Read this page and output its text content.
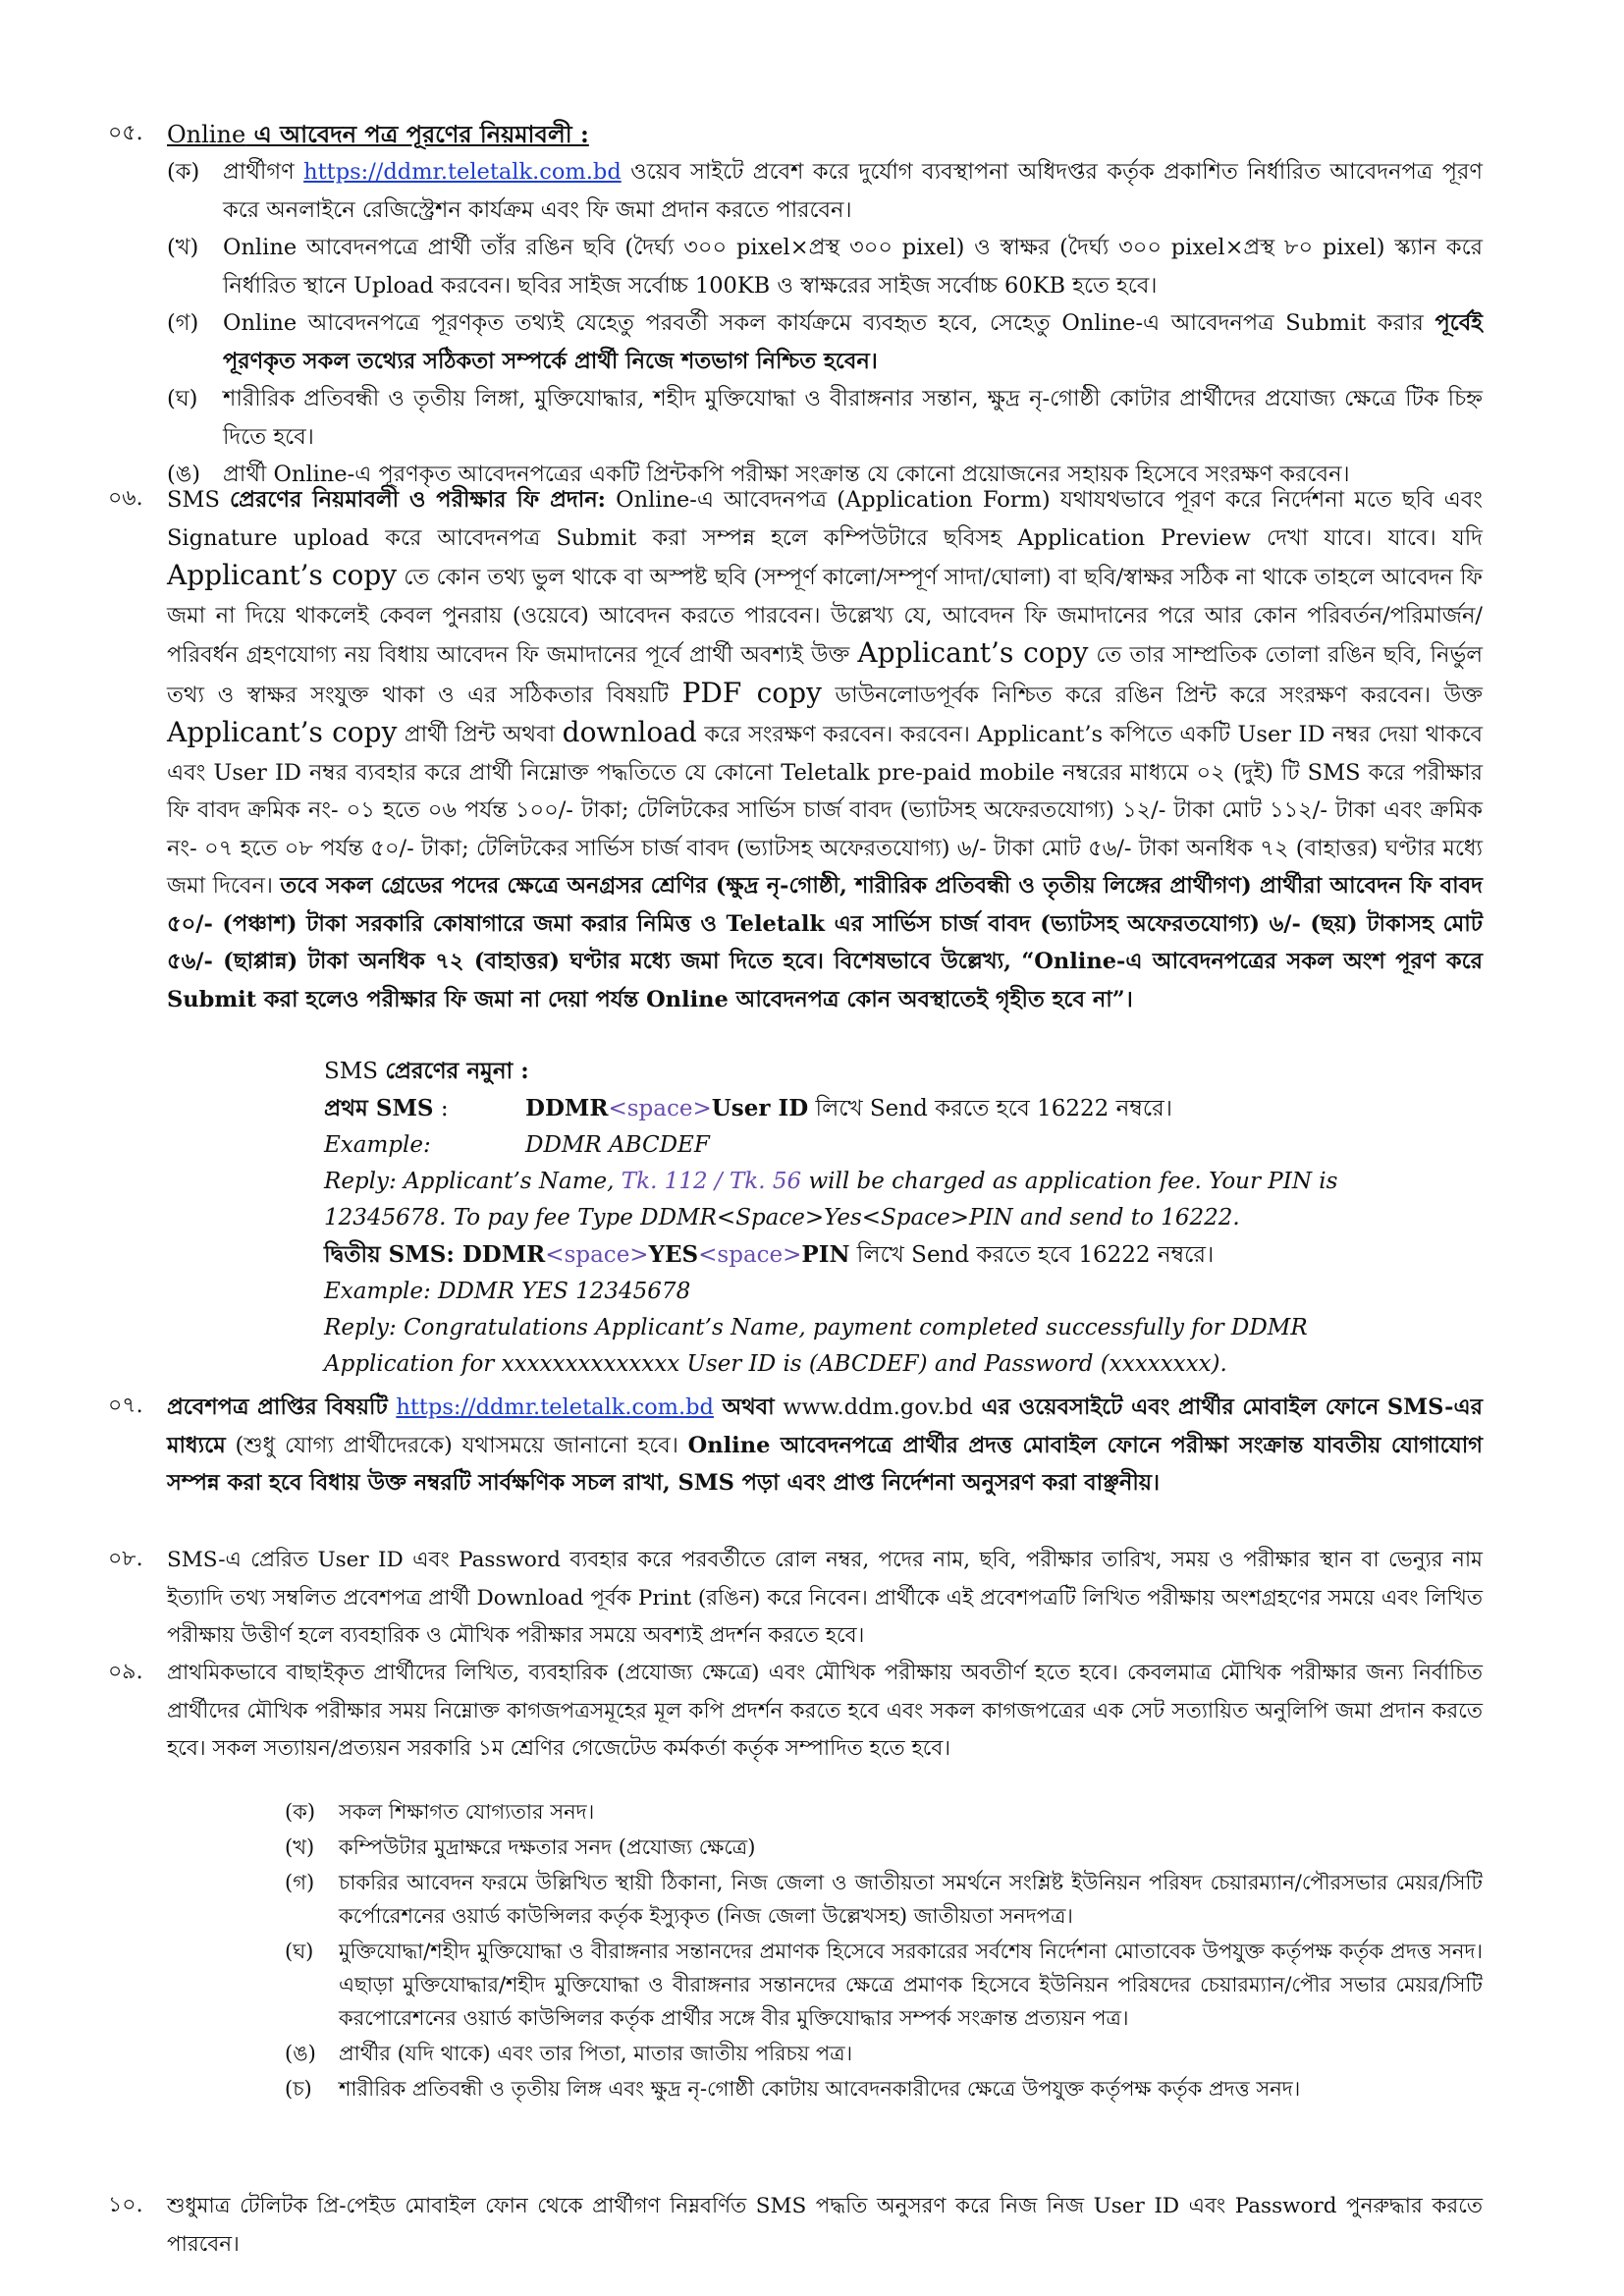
০৫. Online এ আবেদন পত্র পূরণের নিয়মাবলী :

(ক) প্রার্থীগণ https://ddmr.teletalk.com.bd ওয়েব সাইটে প্রবেশ করে দুর্যোগ ব্যবস্থাপনা অধিদপ্তর কর্তৃক প্রকাশিত নির্ধারিত আবেদনপত্র পূরণ করে অনলাইনে রেজিস্ট্রেশন কার্যক্রম এবং ফি জমা প্রদান করতে পারবেন।
(খ) Online আবেদনপত্রে প্রার্থী তাঁর রঙিন ছবি (দৈর্ঘ্য ৩০০ pixel×প্রস্থ ৩০০ pixel) ও স্বাক্ষর (দৈর্ঘ্য ৩০০ pixel×প্রস্থ ৮০ pixel) স্ক্যান করে নির্ধারিত স্থানে Upload করবেন। ছবির সাইজ সর্বোচ্চ 100KB ও স্বাক্ষরের সাইজ সর্বোচ্চ 60KB হতে হবে।
(গ) Online আবেদনপত্রে পূরণকৃত তথ্যই যেহেতু পরবর্তী সকল কার্যক্রমে ব্যবহৃত হবে, সেহেতু Online-এ আবেদনপত্র Submit করার পূর্বেই পূরণকৃত সকল তথ্যের সঠিকতা সম্পর্কে প্রার্থী নিজে শতভাগ নিশ্চিত হবেন।
(ঘ) শারীরিক প্রতিবন্ধী ও তৃতীয় লিঙ্গা, মুক্তিযোদ্ধার, শহীদ মুক্তিযোদ্ধা ও বীরাঙ্গনার সন্তান, ক্ষুদ্র নৃ-গোষ্ঠী কোটার প্রার্থীদের প্রযোজ্য ক্ষেত্রে টিক চিহ্ন দিতে হবে।
(ঙ) প্রার্থী Online-এ পূরণকৃত আবেদনপত্রের একটি প্রিন্টকপি পরীক্ষা সংক্রান্ত যে কোনো প্রয়োজনের সহায়ক হিসেবে সংরক্ষণ করবেন।
০৬. SMS প্রেরণের নিয়মাবলী ও পরীক্ষার ফি প্রদান: Online-এ আবেদনপত্র (Application Form) যথাযথভাবে পূরণ করে নির্দেশনা মতে ছবি এবং Signature upload করে আবেদনপত্র Submit করা সম্পন্ন হলে কম্পিউটারে ছবিসহ Application Preview দেখা যাবে। যাবে। যদি Applicant’s copy তে কোন তথ্য ভুল থাকে বা অস্পষ্ট ছবি (সম্পূর্ণ কালো/সম্পূর্ণ সাদা/ঘোলা) বা ছবি/স্বাক্ষর সঠিক না থাকে তাহলে আবেদন ফি জমা না দিয়ে থাকলেই কেবল পুনরায় (ওয়েবে) আবেদন করতে পারবেন। উল্লেখ্য যে, আবেদন ফি জমাদানের পরে আর কোন পরিবর্তন/পরিমার্জন/পরিবর্ধন গ্রহণযোগ্য নয় বিধায় আবেদন ফি জমাদানের পূর্বে প্রার্থী অবশ্যই উক্ত Applicant’s copy তে তার সাম্প্রতিক তোলা রঙিন ছবি, নির্ভুল তথ্য ও স্বাক্ষর সংযুক্ত থাকা ও এর সঠিকতার বিষয়টি PDF copy ডাউনলোডপূর্বক নিশ্চিত করে রঙিন প্রিন্ট করে সংরক্ষণ করবেন। উক্ত Applicant’s copy প্রার্থী প্রিন্ট অথবা download করে সংরক্ষণ করবেন। করবেন। Applicant’s কপিতে একটি User ID নম্বর দেয়া থাকবে এবং User ID নম্বর ব্যবহার করে প্রার্থী নিম্নোক্ত পদ্ধতিতে যে কোনো Teletalk pre-paid mobile নম্বরের মাধ্যমে ০২ (দুই) টি SMS করে পরীক্ষার ফি বাবদ ক্রমিক নং- ০১ হতে ০৬ পর্যন্ত ১০০/- টাকা; টেলিটকের সার্ভিস চার্জ বাবদ (ভ্যাটসহ অফেরতযোগ্য) ১২/- টাকা মোট ১১২/- টাকা এবং ক্রমিক নং- ০৭ হতে ০৮ পর্যন্ত ৫০/- টাকা; টেলিটকের সার্ভিস চার্জ বাবদ (ভ্যাটসহ অফেরতযোগ্য) ৬/- টাকা মোট ৫৬/- টাকা অনধিক ৭২ (বাহাত্তর) ঘণ্টার মধ্যে জমা দিবেন। তবে সকল গ্রেডের পদের ক্ষেত্রে অনগ্রসর শ্রেণির (ক্ষুদ্র নৃ-গোষ্ঠী, শারীরিক প্রতিবন্ধী ও তৃতীয় লিঙ্গের প্রার্থীগণ) প্রার্থীরা আবেদন ফি বাবদ ৫০/- (পঞ্চাশ) টাকা সরকারি কোষাগারে জমা করার নিমিত্ত ও Teletalk এর সার্ভিস চার্জ বাবদ (ভ্যাটসহ অফেরতযোগ্য) ৬/- (ছয়) টাকাসহ মোট ৫৬/- (ছাপ্পান্ন) টাকা অনধিক ৭২ (বাহাত্তর) ঘণ্টার মধ্যে জমা দিতে হবে। বিশেষভাবে উল্লেখ্য, “Online-এ আবেদনপত্রের সকল অংশ পূরণ করে Submit করা হলেও পরীক্ষার ফি জমা না দেয়া পর্যন্ত Online আবেদনপত্র কোন অবস্থাতেই গৃহীত হবে না”।

SMS প্রেরণের নমুনা :
প্রথম SMS :	DDMR<space>User ID লিখে Send করতে হবে 16222 নম্বরে।
Example:	DDMR ABCDEF
Reply: Applicant’s Name, Tk. 112 / Tk. 56 will be charged as application fee. Your PIN is
12345678. To pay fee Type DDMR<Space>Yes<Space>PIN and send to 16222.
দ্বিতীয় SMS: DDMR<space>YES<space>PIN লিখে Send করতে হবে 16222 নম্বরে।
Example: DDMR YES 12345678
Reply: Congratulations Applicant’s Name, payment completed successfully for DDMR
Application for xxxxxxxxxxxxxx User ID is (ABCDEF) and Password (xxxxxxxx).
০৭. প্রবেশপত্র প্রাপ্তির বিষয়টি https://ddmr.teletalk.com.bd অথবা www.ddm.gov.bd এর ওয়েবসাইটে এবং প্রার্থীর মোবাইল ফোনে SMS-এর মাধ্যমে (শুধু যোগ্য প্রার্থীদেরকে) যথাসময়ে জানানো হবে। Online আবেদনপত্রে প্রার্থীর প্রদত্ত মোবাইল ফোনে পরীক্ষা সংক্রান্ত যাবতীয় যোগাযোগ সম্পন্ন করা হবে বিধায় উক্ত নম্বরটি সার্বক্ষণিক সচল রাখা, SMS পড়া এবং প্রাপ্ত নির্দেশনা অনুসরণ করা বাঞ্ছনীয়।

০৮. SMS-এ প্রেরিত User ID এবং Password ব্যবহার করে পরবর্তীতে রোল নম্বর, পদের নাম, ছবি, পরীক্ষার তারিখ, সময় ও পরীক্ষার স্থান বা ভেন্যুর নাম ইত্যাদি তথ্য সম্বলিত প্রবেশপত্র প্রার্থী Download পূর্বক Print (রঙিন) করে নিবেন। প্রার্থীকে এই প্রবেশপত্রটি লিখিত পরীক্ষায় অংশগ্রহণের সময়ে এবং লিখিত পরীক্ষায় উত্তীর্ণ হলে ব্যবহারিক ও মৌখিক পরীক্ষার সময়ে অবশ্যই প্রদর্শন করতে হবে।

০৯. প্রাথমিকভাবে বাছাইকৃত প্রার্থীদের লিখিত, ব্যবহারিক (প্রযোজ্য ক্ষেত্রে) এবং মৌখিক পরীক্ষায় অবতীর্ণ হতে হবে। কেবলমাত্র মৌখিক পরীক্ষার জন্য নির্বাচিত প্রার্থীদের মৌখিক পরীক্ষার সময় নিম্নোক্ত কাগজপত্রসমূহের মূল কপি প্রদর্শন করতে হবে এবং সকল কাগজপত্রের এক সেট সত্যায়িত অনুলিপি জমা প্রদান করতে হবে। সকল সত্যায়ন/প্রত্যয়ন সরকারি ১ম শ্রেণির গেজেটেড কর্মকর্তা কর্তৃক সম্পাদিত হতে হবে।

(ক) সকল শিক্ষাগত যোগ্যতার সনদ।
(খ) কম্পিউটার মুদ্রাক্ষরে দক্ষতার সনদ (প্রযোজ্য ক্ষেত্রে)
(গ) চাকরির আবেদন ফরমে উল্লিখিত স্থায়ী ঠিকানা, নিজ জেলা ও জাতীয়তা সমর্থনে সংশ্লিষ্ট ইউনিয়ন পরিষদ চেয়ারম্যান/পৌরসভার মেয়র/সিটি কর্পোরেশনের ওয়ার্ড কাউন্সিলর কর্তৃক ইস্যুকৃত (নিজ জেলা উল্লেখসহ) জাতীয়তা সনদপত্র।
(ঘ) মুক্তিযোদ্ধা/শহীদ মুক্তিযোদ্ধা ও বীরাঙ্গনার সন্তানদের প্রমাণক হিসেবে সরকারের সর্বশেষ নির্দেশনা মোতাবেক উপযুক্ত কর্তৃপক্ষ কর্তৃক প্রদত্ত সনদ। এছাড়া মুক্তিযোদ্ধার/শহীদ মুক্তিযোদ্ধা ও বীরাঙ্গনার সন্তানদের ক্ষেত্রে প্রমাণক হিসেবে ইউনিয়ন পরিষদের চেয়ারম্যান/পৌর সভার মেয়র/সিটি করপোরেশনের ওয়ার্ড কাউন্সিলর কর্তৃক প্রার্থীর সঙ্গে বীর মুক্তিযোদ্ধার সম্পর্ক সংক্রান্ত প্রত্যয়ন পত্র।
(ঙ) প্রার্থীর (যদি থাকে) এবং তার পিতা, মাতার জাতীয় পরিচয় পত্র।
(চ) শারীরিক প্রতিবন্ধী ও তৃতীয় লিঙ্গ এবং ক্ষুদ্র নৃ-গোষ্ঠী কোটায় আবেদনকারীদের ক্ষেত্রে উপযুক্ত কর্তৃপক্ষ কর্তৃক প্রদত্ত সনদ।
১০. শুধুমাত্র টেলিটক প্রি-পেইড মোবাইল ফোন থেকে প্রার্থীগণ নিম্নবর্ণিত SMS পদ্ধতি অনুসরণ করে নিজ নিজ User ID এবং Password পুনরুদ্ধার করতে পারবেন।
